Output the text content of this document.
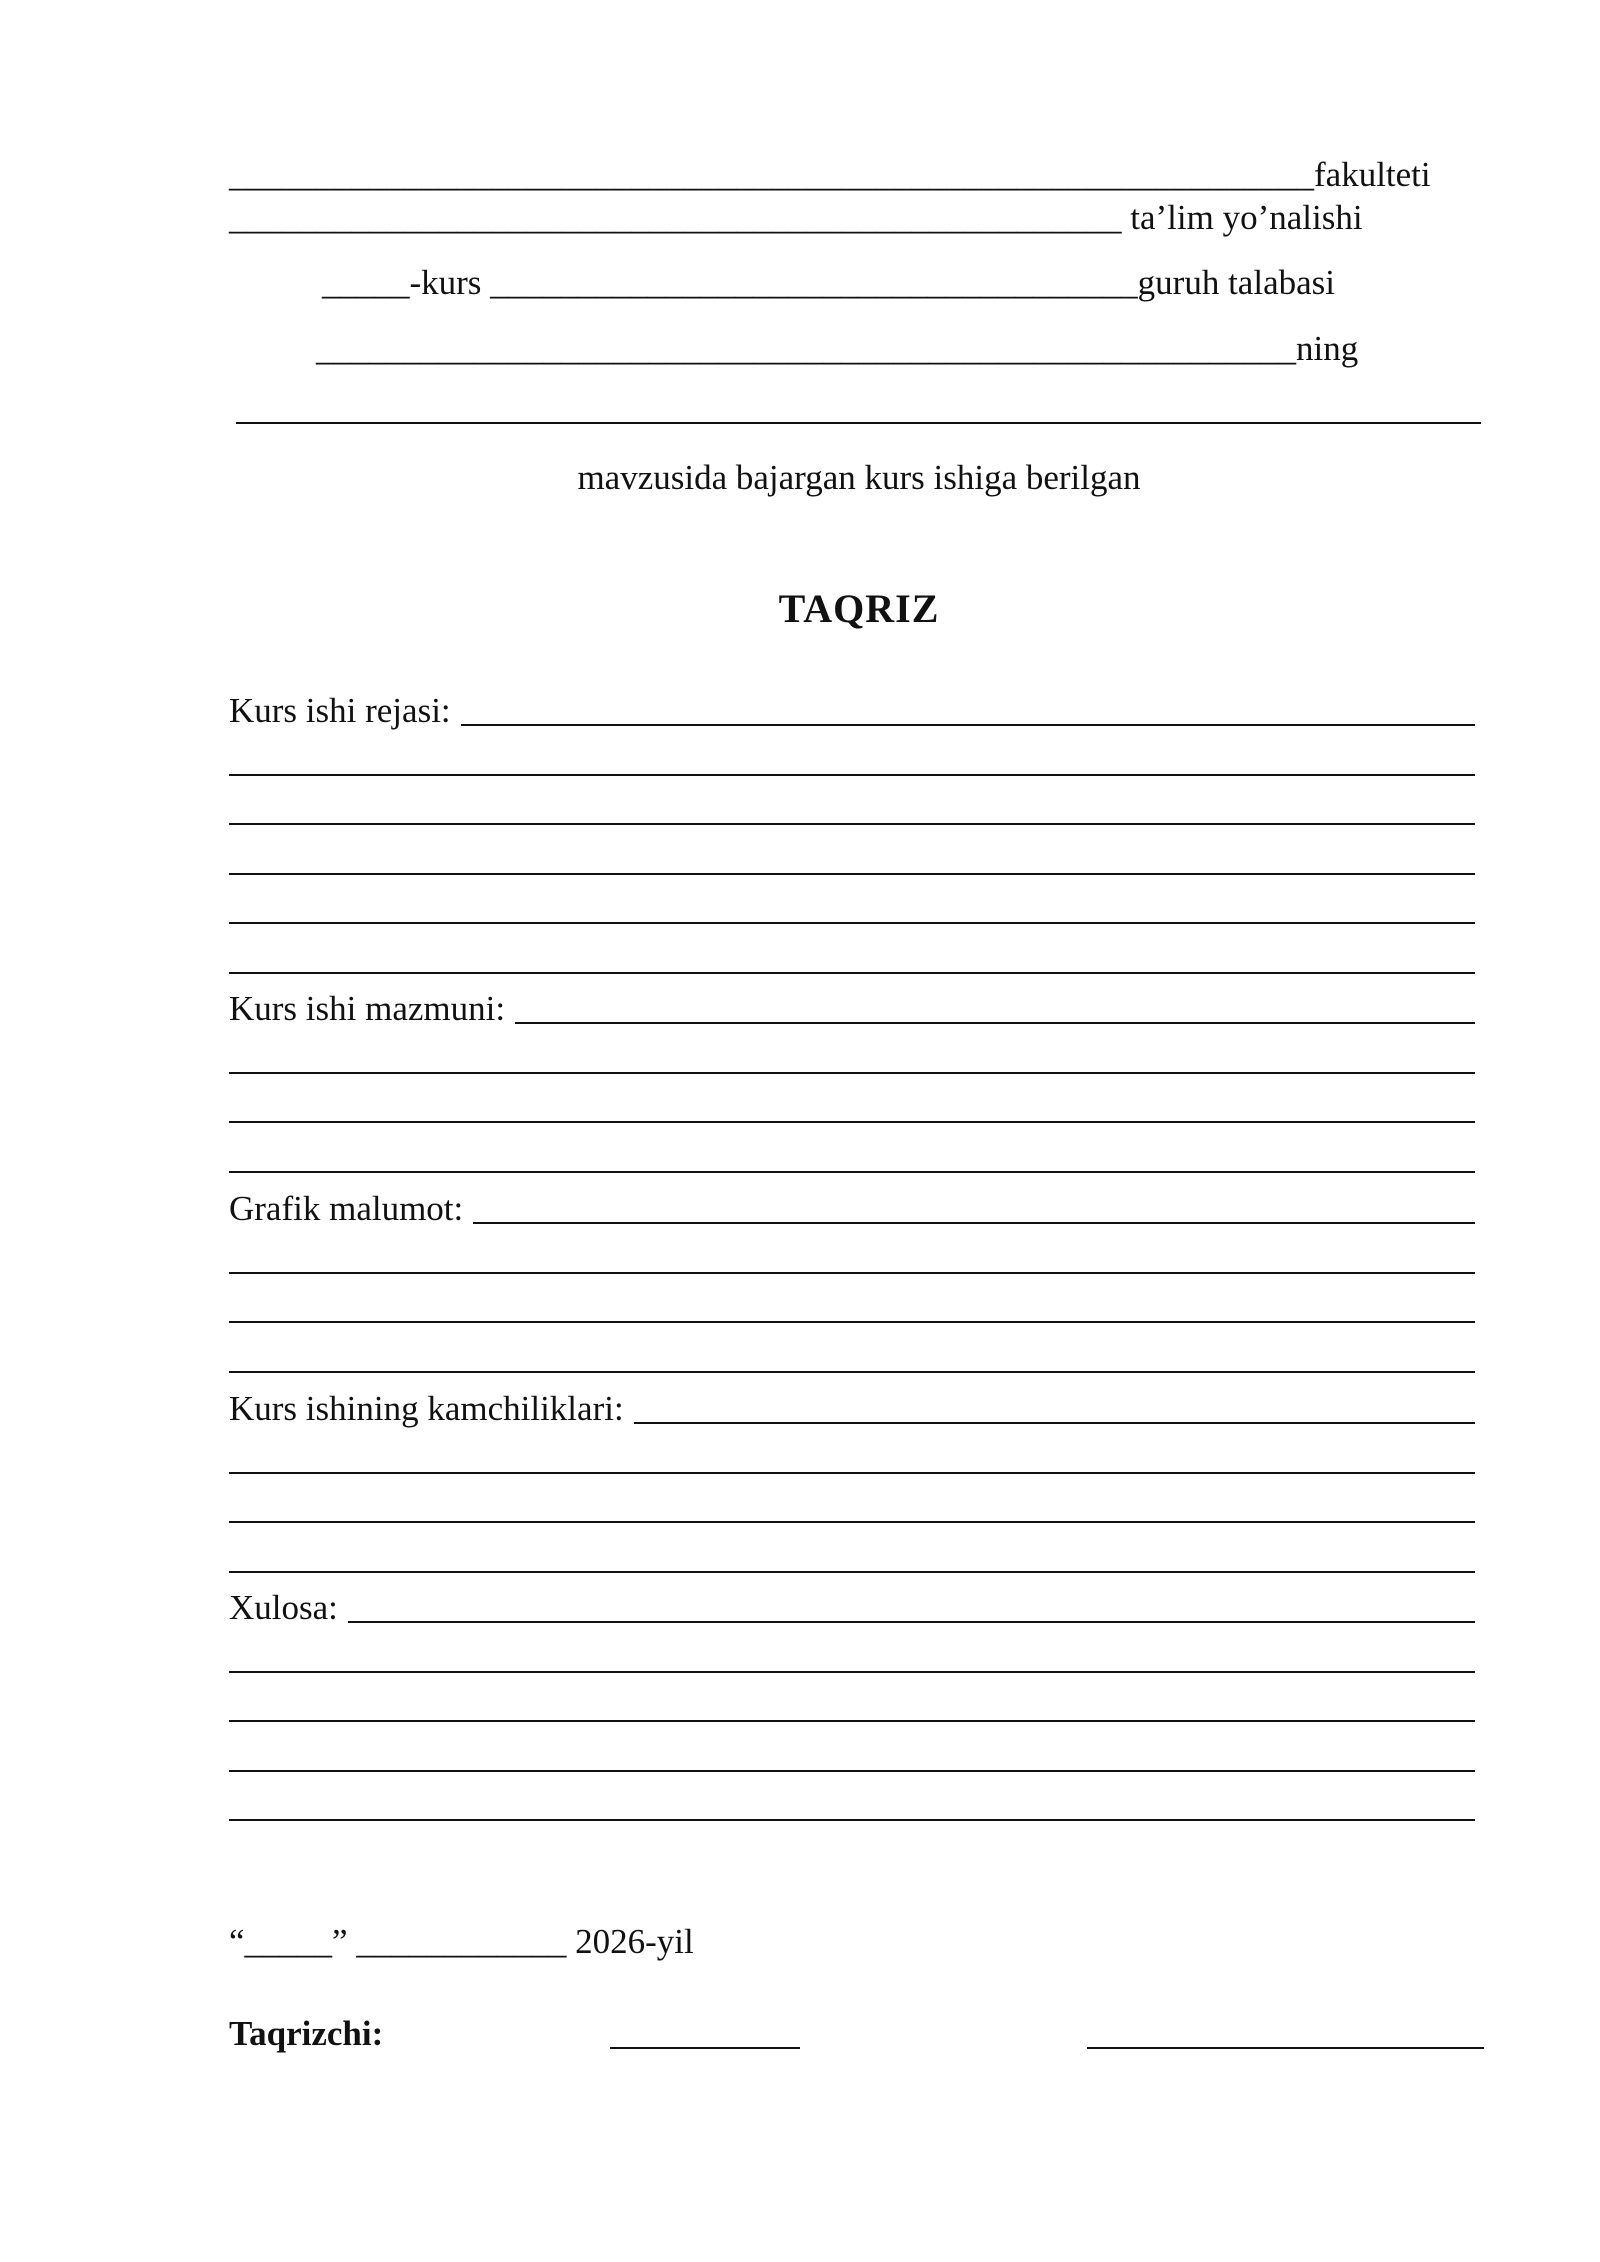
______________________________________________________________fakulteti
___________________________________________________ ta’lim yo’nalishi
_____-kurs _____________________________________guruh talabasi
________________________________________________________ning
mavzusida bajargan kurs ishiga berilgan
TAQRIZ
Kurs ishi rejasi:
Kurs ishi mazmuni:
Grafik malumot:
Kurs ishining kamchiliklari:
Xulosa:
“_____” ____________ 2026-yil
Taqrizchi:
